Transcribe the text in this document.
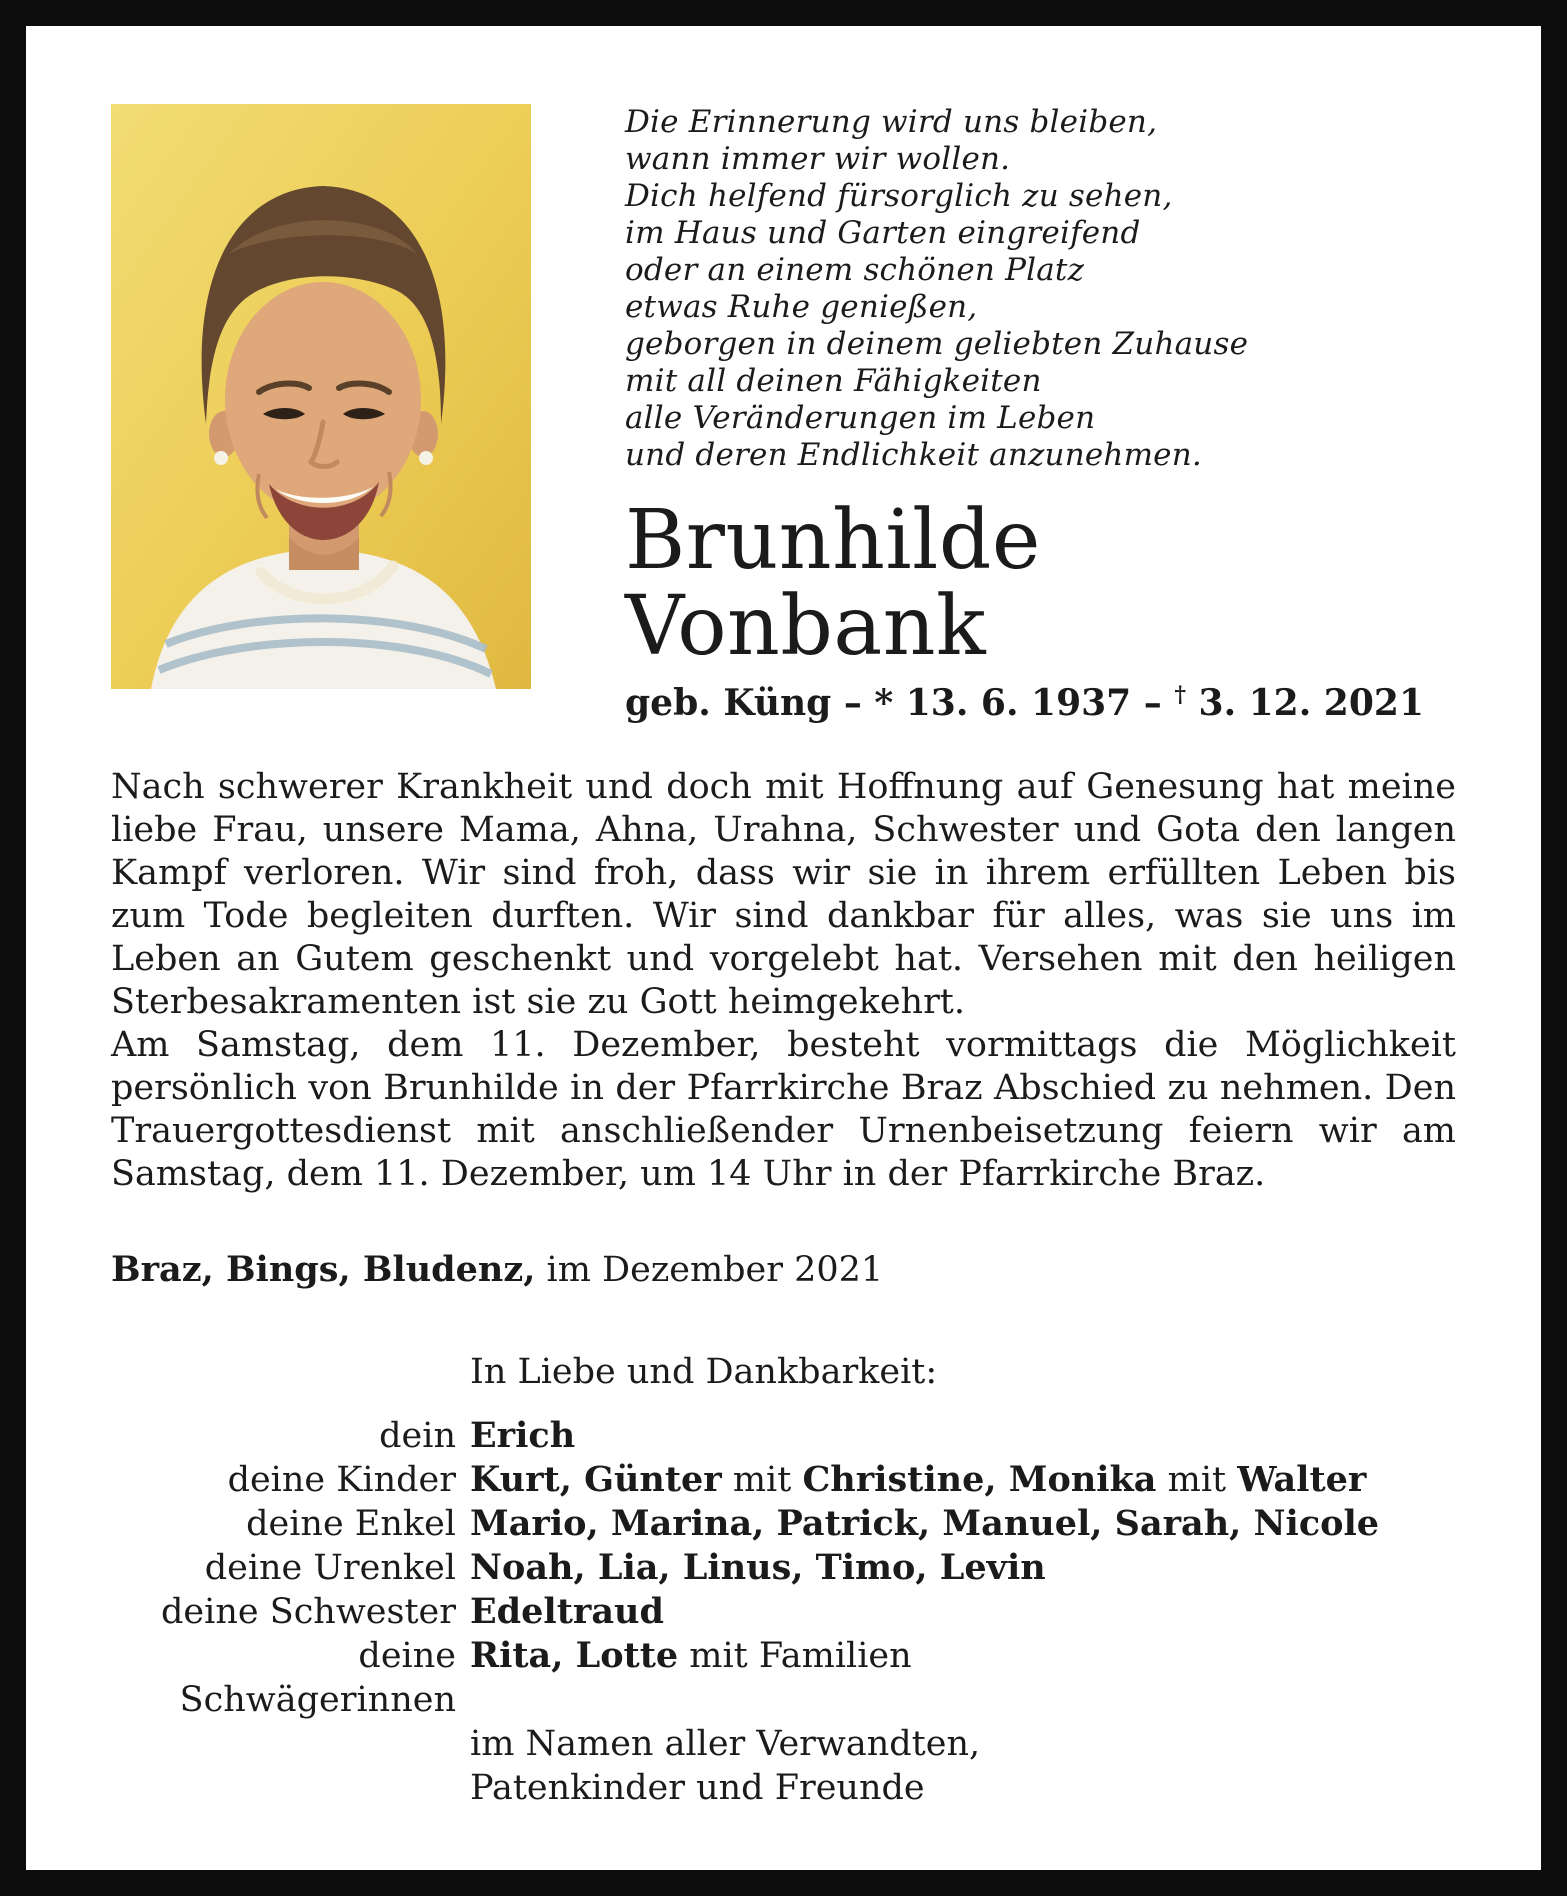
Die Erinnerung wird uns bleiben,
wann immer wir wollen.
Dich helfend fürsorglich zu sehen,
im Haus und Garten eingreifend
oder an einem schönen Platz
etwas Ruhe genießen,
geborgen in deinem geliebten Zuhause
mit all deinen Fähigkeiten
alle Veränderungen im Leben
und deren Endlichkeit anzunehmen.
Brunhilde
Vonbank
geb. Küng – * 13. 6. 1937 – † 3. 12. 2021

Nach schwerer Krankheit und doch mit Hoffnung auf Genesung hat meine liebe Frau, unsere Mama, Ahna, Urahna, Schwester und Gota den langen Kampf verloren. Wir sind froh, dass wir sie in ihrem erfüllten Leben bis zum Tode begleiten durften. Wir sind dankbar für alles, was sie uns im Leben an Gutem geschenkt und vorgelebt hat. Versehen mit den heiligen Sterbesakramenten ist sie zu Gott heimgekehrt.

Am Samstag, dem 11. Dezember, besteht vormittags die Möglichkeit persönlich von Brunhilde in der Pfarrkirche Braz Abschied zu nehmen. Den Trauergottesdienst mit anschließender Urnenbeisetzung feiern wir am Samstag, dem 11. Dezember, um 14 Uhr in der Pfarrkirche Braz.

Braz, Bings, Bludenz, im Dezember 2021

In Liebe und Dankbarkeit:
dein Erich
deine Kinder Kurt, Günter mit Christine, Monika mit Walter
deine Enkel Mario, Marina, Patrick, Manuel, Sarah, Nicole
deine Urenkel Noah, Lia, Linus, Timo, Levin
deine Schwester Edeltraud
deine Schwägerinnen
Rita, Lotte mit Familien
im Namen aller Verwandten,
Patenkinder und Freunde
